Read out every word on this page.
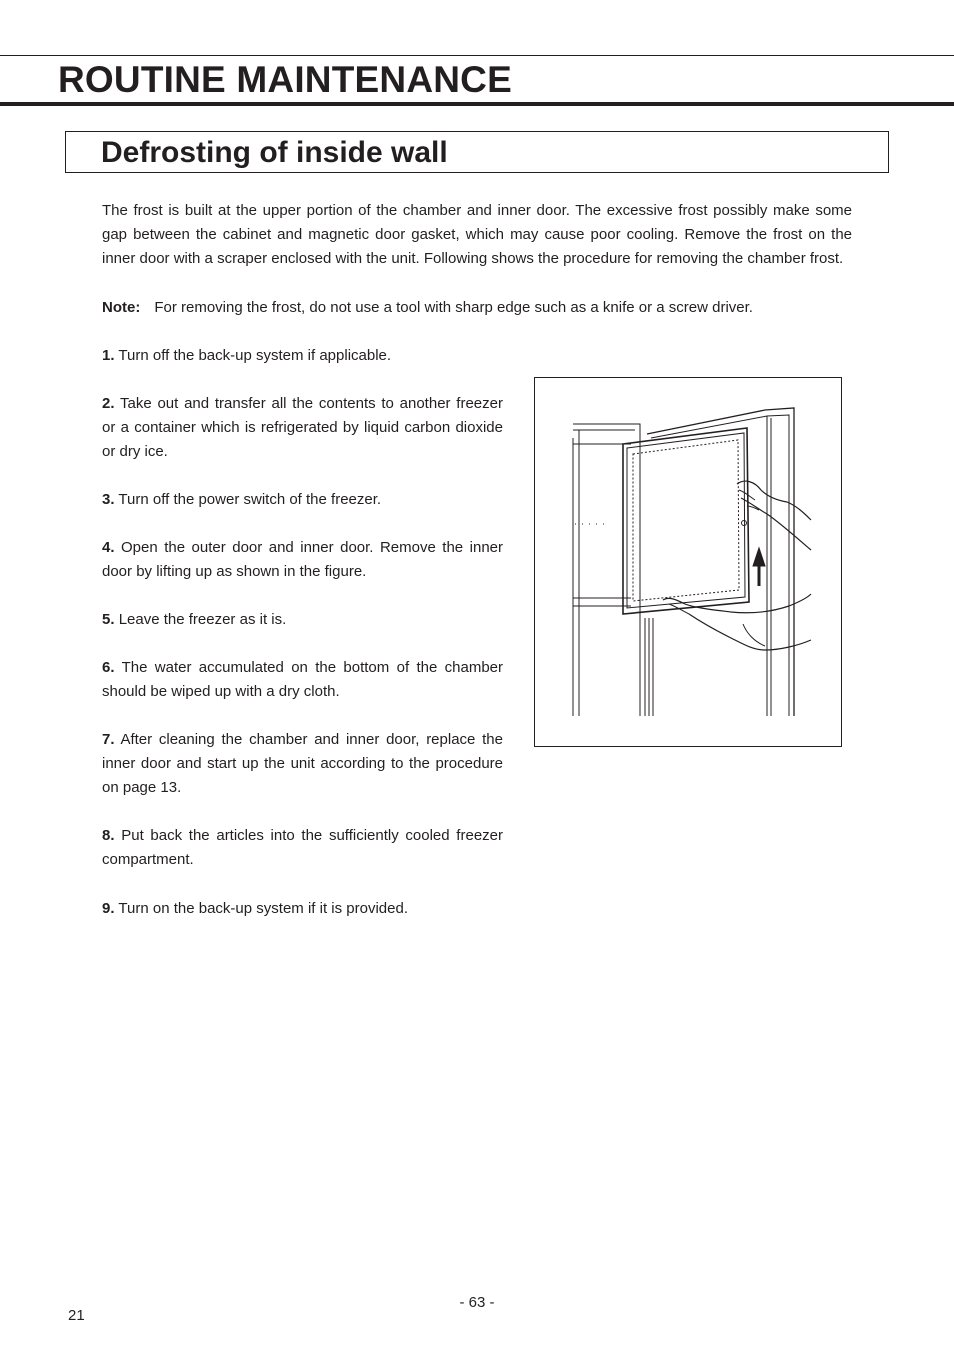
ROUTINE MAINTENANCE
Defrosting of inside wall

The frost is built at the upper portion of the chamber and inner door. The excessive frost possibly make some gap between the cabinet and magnetic door gasket, which may cause poor cooling. Remove the frost on the inner door with a scraper enclosed with the unit. Following shows the procedure for removing the chamber frost.

Note: For removing the frost, do not use a tool with sharp edge such as a knife or a screw driver.

1. Turn off the back-up system if applicable.

2. Take out and transfer all the contents to another freezer or a container which is refrigerated by liquid carbon dioxide or dry ice.

3. Turn off the power switch of the freezer.

4. Open the outer door and inner door. Remove the inner door by lifting up as shown in the figure.

5. Leave the freezer as it is.

6. The water accumulated on the bottom of the chamber should be wiped up with a dry cloth.

7. After cleaning the chamber and inner door, replace the inner door and start up the unit according to the procedure on page 13.

8. Put back the articles into the sufficiently cooled freezer compartment.

9. Turn on the back-up system if it is provided.

- 63 -
21
